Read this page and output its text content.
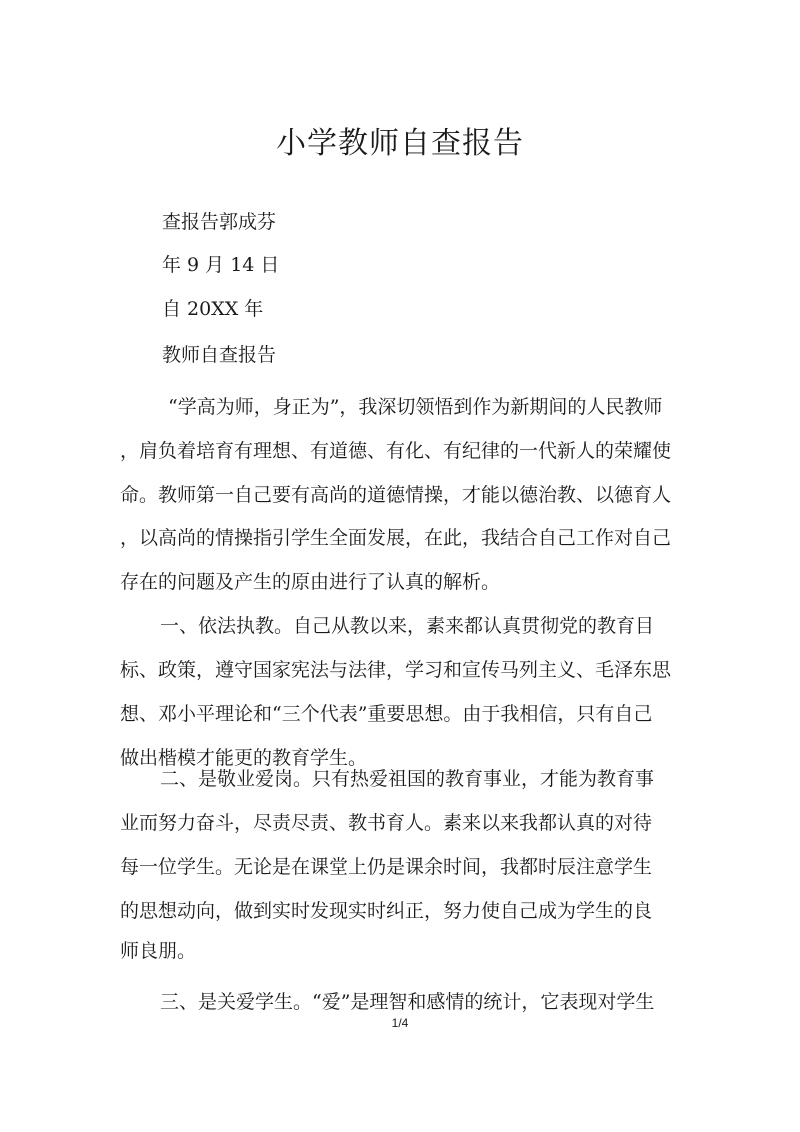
小学教师自查报告
查报告郭成芬
年 9 月 14 日
自 20XX 年
教师自查报告
“学高为师，身正为”，我深切领悟到作为新期间的人民教师
，肩负着培育有理想、有道德、有化、有纪律的一代新人的荣耀使
命。教师第一自己要有高尚的道德情操，才能以德治教、以德育人
，以高尚的情操指引学生全面发展，在此，我结合自己工作对自己
存在的问题及产生的原由进行了认真的解析。
一、依法执教。自己从教以来，素来都认真贯彻党的教育目
标、政策，遵守国家宪法与法律，学习和宣传马列主义、毛泽东思
想、邓小平理论和“三个代表”重要思想。由于我相信，只有自己
做出楷模才能更的教育学生。
二、是敬业爱岗。只有热爱祖国的教育事业，才能为教育事
业而努力奋斗，尽责尽责、教书育人。素来以来我都认真的对待
每一位学生。无论是在课堂上仍是课余时间，我都时辰注意学生
的思想动向，做到实时发现实时纠正，努力使自己成为学生的良
1/4
师良朋。
三、是关爱学生。“爱”是理智和感情的统计，它表现对学生
